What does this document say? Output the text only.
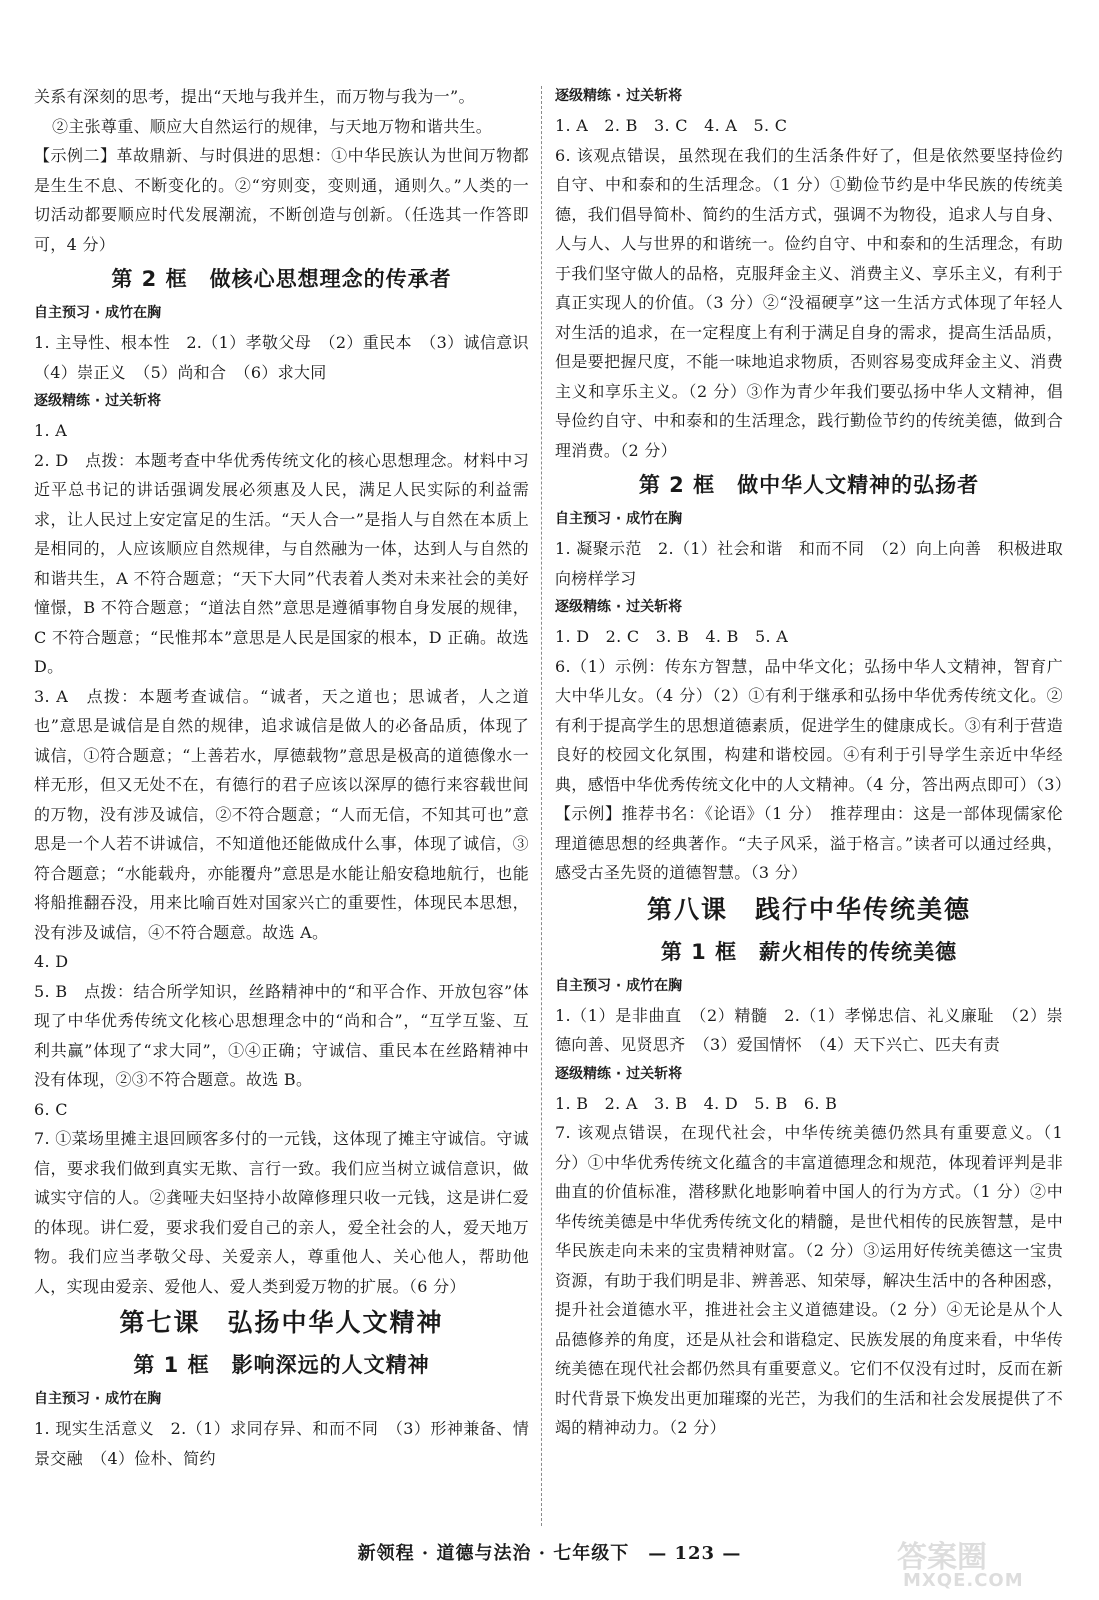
关系有深刻的思考，提出“天地与我并生，而万物与我为一”。
②主张尊重、顺应大自然运行的规律，与天地万物和谐共生。
【示例二】革故鼎新、与时俱进的思想：①中华民族认为世间万物都是生生不息、不断变化的。②“穷则变，变则通，通则久。”人类的一切活动都要顺应时代发展潮流，不断创造与创新。（任选其一作答即可，4 分）
第 2 框　做核心思想理念的传承者
自主预习 · 成竹在胸
1. 主导性、根本性　2.（1）孝敬父母　（2）重民本　（3）诚信意识　（4）崇正义　（5）尚和合　（6）求大同
逐级精练 · 过关斩将
1. A
2. D　点拨：本题考查中华优秀传统文化的核心思想理念。材料中习近平总书记的讲话强调发展必须惠及人民，满足人民实际的利益需求，让人民过上安定富足的生活。“天人合一”是指人与自然在本质上是相同的，人应该顺应自然规律，与自然融为一体，达到人与自然的和谐共生，A 不符合题意；“天下大同”代表着人类对未来社会的美好憧憬，B 不符合题意；“道法自然”意思是遵循事物自身发展的规律，C 不符合题意；“民惟邦本”意思是人民是国家的根本，D 正确。故选 D。
3. A　点拨：本题考查诚信。“诚者，天之道也；思诚者，人之道也”意思是诚信是自然的规律，追求诚信是做人的必备品质，体现了诚信，①符合题意；“上善若水，厚德载物”意思是极高的道德像水一样无形，但又无处不在，有德行的君子应该以深厚的德行来容载世间的万物，没有涉及诚信，②不符合题意；“人而无信，不知其可也”意思是一个人若不讲诚信，不知道他还能做成什么事，体现了诚信，③符合题意；“水能载舟，亦能覆舟”意思是水能让船安稳地航行，也能将船推翻吞没，用来比喻百姓对国家兴亡的重要性，体现民本思想，没有涉及诚信，④不符合题意。故选 A。
4. D
5. B　点拨：结合所学知识，丝路精神中的“和平合作、开放包容”体现了中华优秀传统文化核心思想理念中的“尚和合”，“互学互鉴、互利共赢”体现了“求大同”，①④正确；守诚信、重民本在丝路精神中没有体现，②③不符合题意。故选 B。
6. C
7. ①菜场里摊主退回顾客多付的一元钱，这体现了摊主守诚信。守诚信，要求我们做到真实无欺、言行一致。我们应当树立诚信意识，做诚实守信的人。②龚哑夫妇坚持小故障修理只收一元钱，这是讲仁爱的体现。讲仁爱，要求我们爱自己的亲人，爱全社会的人，爱天地万物。我们应当孝敬父母、关爱亲人，尊重他人、关心他人，帮助他人，实现由爱亲、爱他人、爱人类到爱万物的扩展。（6 分）
第七课　弘扬中华人文精神
第 1 框　影响深远的人文精神
自主预习 · 成竹在胸
1. 现实生活意义　2.（1）求同存异、和而不同　（3）形神兼备、情景交融　（4）俭朴、简约
逐级精练 · 过关斩将
1. A　2. B　3. C　4. A　5. C
6. 该观点错误，虽然现在我们的生活条件好了，但是依然要坚持俭约自守、中和泰和的生活理念。（1 分）①勤俭节约是中华民族的传统美德，我们倡导简朴、简约的生活方式，强调不为物役，追求人与自身、人与人、人与世界的和谐统一。俭约自守、中和泰和的生活理念，有助于我们坚守做人的品格，克服拜金主义、消费主义、享乐主义，有利于真正实现人的价值。（3 分）②“没福硬享”这一生活方式体现了年轻人对生活的追求，在一定程度上有利于满足自身的需求，提高生活品质，但是要把握尺度，不能一味地追求物质，否则容易变成拜金主义、消费主义和享乐主义。（2 分）③作为青少年我们要弘扬中华人文精神，倡导俭约自守、中和泰和的生活理念，践行勤俭节约的传统美德，做到合理消费。（2 分）
第 2 框　做中华人文精神的弘扬者
自主预习 · 成竹在胸
1. 凝聚示范　2.（1）社会和谐　和而不同　（2）向上向善　积极进取　向榜样学习
逐级精练 · 过关斩将
1. D　2. C　3. B　4. B　5. A
6.（1）示例：传东方智慧，品中华文化；弘扬中华人文精神，智育广大中华儿女。（4 分）（2）①有利于继承和弘扬中华优秀传统文化。②有利于提高学生的思想道德素质，促进学生的健康成长。③有利于营造良好的校园文化氛围，构建和谐校园。④有利于引导学生亲近中华经典，感悟中华优秀传统文化中的人文精神。（4 分，答出两点即可）（3）【示例】推荐书名：《论语》（1 分）　推荐理由：这是一部体现儒家伦理道德思想的经典著作。“夫子风采，溢于格言。”读者可以通过经典，感受古圣先贤的道德智慧。（3 分）
第八课　践行中华传统美德
第 1 框　薪火相传的传统美德
自主预习 · 成竹在胸
1.（1）是非曲直　（2）精髓　2.（1）孝悌忠信、礼义廉耻　（2）崇德向善、见贤思齐　（3）爱国情怀　（4）天下兴亡、匹夫有责
逐级精练 · 过关斩将
1. B　2. A　3. B　4. D　5. B　6. B
7. 该观点错误，在现代社会，中华传统美德仍然具有重要意义。（1 分）①中华优秀传统文化蕴含的丰富道德理念和规范，体现着评判是非曲直的价值标准，潜移默化地影响着中国人的行为方式。（1 分）②中华传统美德是中华优秀传统文化的精髓，是世代相传的民族智慧，是中华民族走向未来的宝贵精神财富。（2 分）③运用好传统美德这一宝贵资源，有助于我们明是非、辨善恶、知荣辱，解决生活中的各种困惑，提升社会道德水平，推进社会主义道德建设。（2 分）④无论是从个人品德修养的角度，还是从社会和谐稳定、民族发展的角度来看，中华传统美德在现代社会都仍然具有重要意义。它们不仅没有过时，反而在新时代背景下焕发出更加璀璨的光芒，为我们的生活和社会发展提供了不竭的精神动力。（2 分）
新领程 · 道德与法治 · 七年级下　— 123 —	答案圈
MXQE.COM
